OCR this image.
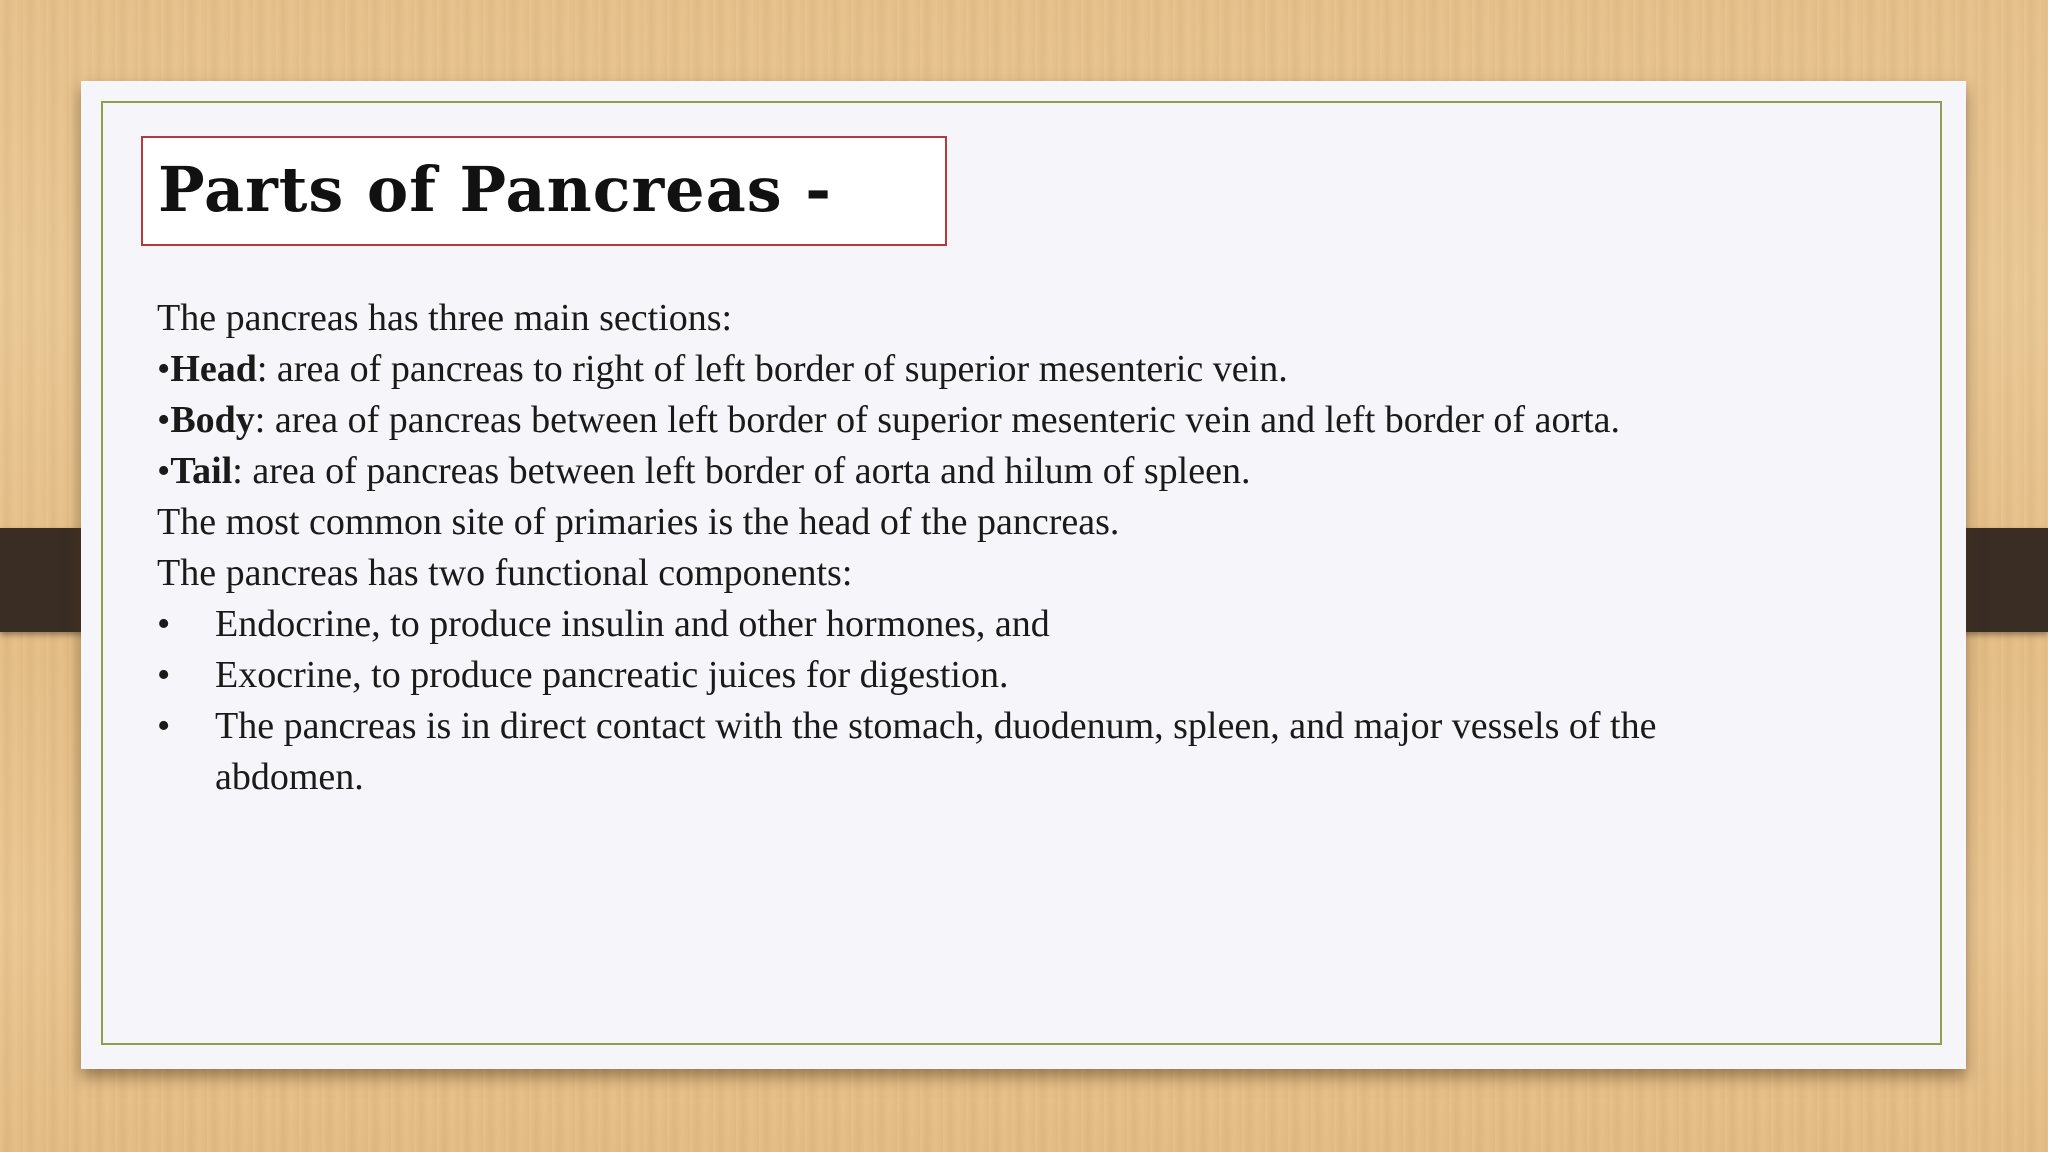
Parts of Pancreas -
The pancreas has three main sections:
•Head: area of pancreas to right of left border of superior mesenteric vein.
•Body: area of pancreas between left border of superior mesenteric vein and left border of aorta.
•Tail: area of pancreas between left border of aorta and hilum of spleen.
The most common site of primaries is the head of the pancreas.
The pancreas has two functional components:
•	Endocrine, to produce insulin and other hormones, and
•	Exocrine, to produce pancreatic juices for digestion.
•	The pancreas is in direct contact with the stomach, duodenum, spleen, and major vessels of the abdomen.
